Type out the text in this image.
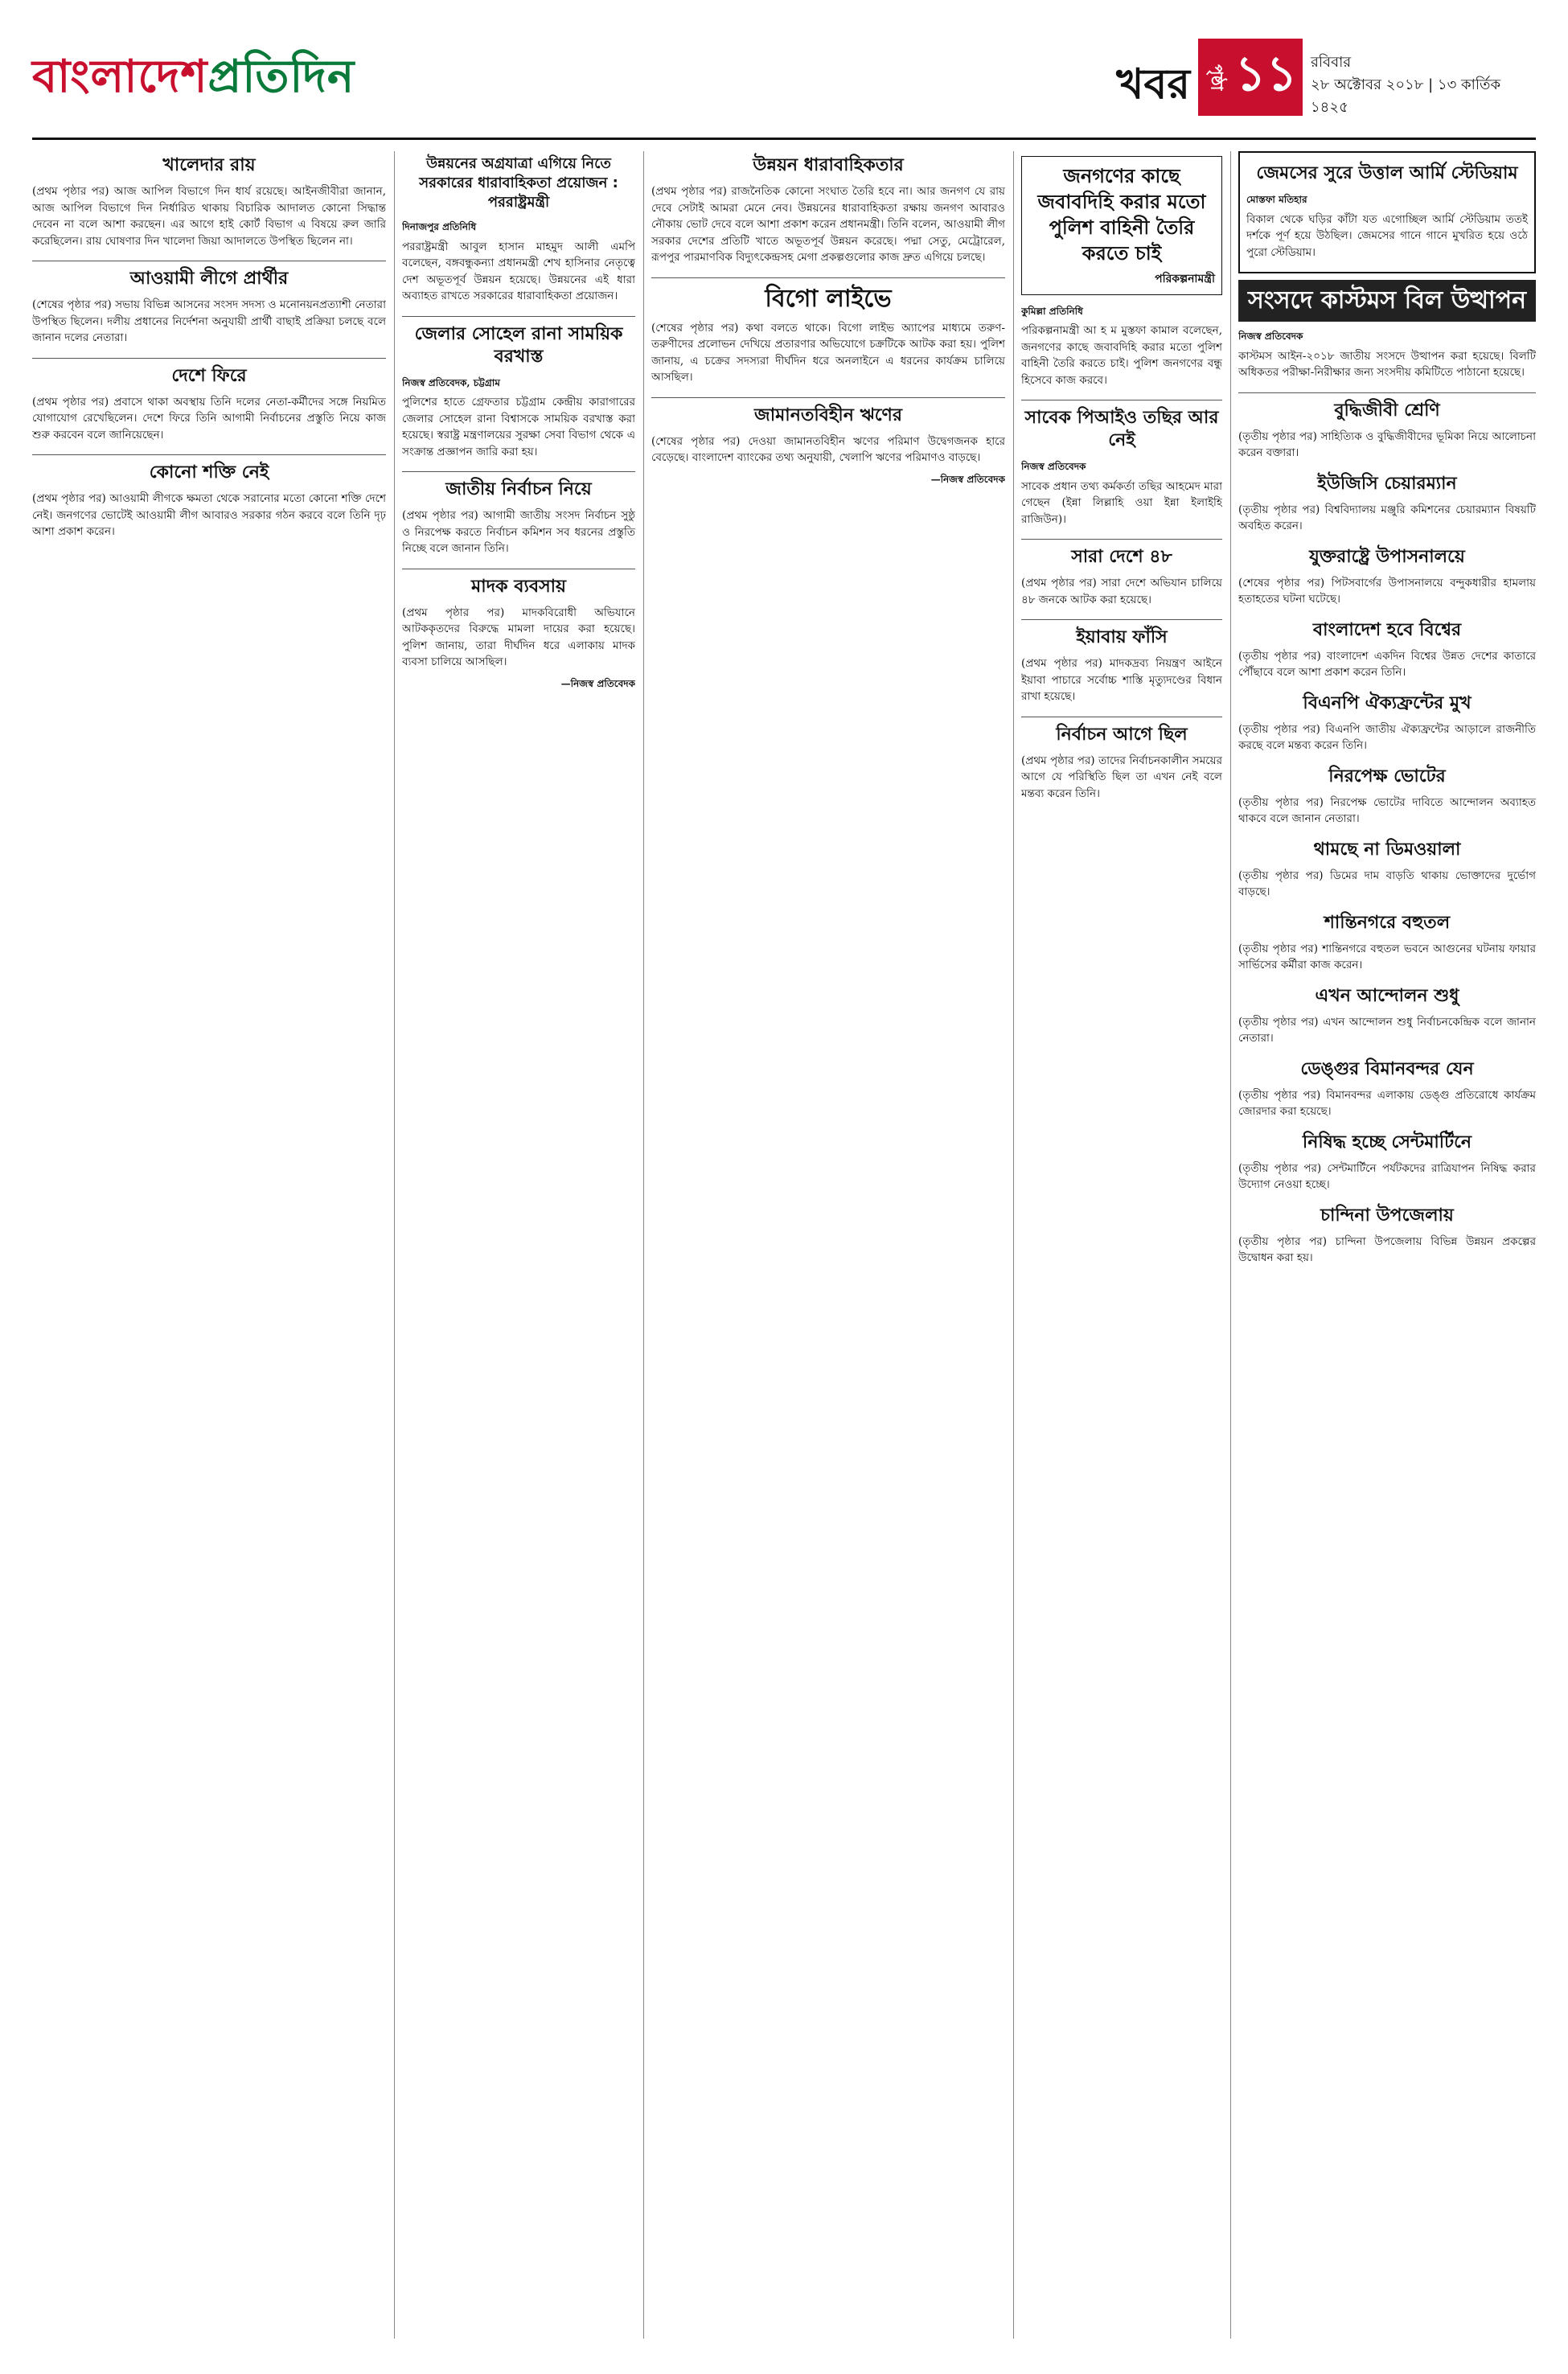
বাংলাদেশপ্রতিদিন	খবর পৃষ্ঠা ১১ রবিবার
২৮ অক্টোবর ২০১৮ | ১৩ কার্তিক ১৪২৫
খালেদার রায়

(প্রথম পৃষ্ঠার পর) আজ আপিল বিভাগে দিন ধার্য রয়েছে। আইনজীবীরা জানান, আজ আপিল বিভাগে দিন নির্ধারিত থাকায় বিচারিক আদালত কোনো সিদ্ধান্ত দেবেন না বলে আশা করছেন। এর আগে হাই কোর্ট বিভাগ এ বিষয়ে রুল জারি করেছিলেন। রায় ঘোষণার দিন খালেদা জিয়া আদালতে উপস্থিত ছিলেন না।

আওয়ামী লীগে প্রার্থীর

(শেষের পৃষ্ঠার পর) সভায় বিভিন্ন আসনের সংসদ সদস্য ও মনোনয়নপ্রত্যাশী নেতারা উপস্থিত ছিলেন। দলীয় প্রধানের নির্দেশনা অনুযায়ী প্রার্থী বাছাই প্রক্রিয়া চলছে বলে জানান দলের নেতারা।

দেশে ফিরে

(প্রথম পৃষ্ঠার পর) প্রবাসে থাকা অবস্থায় তিনি দলের নেতা-কর্মীদের সঙ্গে নিয়মিত যোগাযোগ রেখেছিলেন। দেশে ফিরে তিনি আগামী নির্বাচনের প্রস্তুতি নিয়ে কাজ শুরু করবেন বলে জানিয়েছেন।

কোনো শক্তি নেই

(প্রথম পৃষ্ঠার পর) আওয়ামী লীগকে ক্ষমতা থেকে সরানোর মতো কোনো শক্তি দেশে নেই। জনগণের ভোটেই আওয়ামী লীগ আবারও সরকার গঠন করবে বলে তিনি দৃঢ় আশা প্রকাশ করেন।

উন্নয়নের অগ্রযাত্রা এগিয়ে নিতে সরকারের ধারাবাহিকতা প্রয়োজন : পররাষ্ট্রমন্ত্রী
দিনাজপুর প্রতিনিধি

পররাষ্ট্রমন্ত্রী আবুল হাসান মাহমুদ আলী এমপি বলেছেন, বঙ্গবন্ধুকন্যা প্রধানমন্ত্রী শেখ হাসিনার নেতৃত্বে দেশ অভূতপূর্ব উন্নয়ন হয়েছে। উন্নয়নের এই ধারা অব্যাহত রাখতে সরকারের ধারাবাহিকতা প্রয়োজন।

জেলার সোহেল রানা সাময়িক বরখাস্ত
নিজস্ব প্রতিবেদক, চট্টগ্রাম

পুলিশের হাতে গ্রেফতার চট্টগ্রাম কেন্দ্রীয় কারাগারের জেলার সোহেল রানা বিশ্বাসকে সাময়িক বরখাস্ত করা হয়েছে। স্বরাষ্ট্র মন্ত্রণালয়ের সুরক্ষা সেবা বিভাগ থেকে এ সংক্রান্ত প্রজ্ঞাপন জারি করা হয়।

জাতীয় নির্বাচন নিয়ে

(প্রথম পৃষ্ঠার পর) আগামী জাতীয় সংসদ নির্বাচন সুষ্ঠু ও নিরপেক্ষ করতে নির্বাচন কমিশন সব ধরনের প্রস্তুতি নিচ্ছে বলে জানান তিনি।

মাদক ব্যবসায়

(প্রথম পৃষ্ঠার পর) মাদকবিরোধী অভিযানে আটককৃতদের বিরুদ্ধে মামলা দায়ের করা হয়েছে। পুলিশ জানায়, তারা দীর্ঘদিন ধরে এলাকায় মাদক ব্যবসা চালিয়ে আসছিল।

—নিজস্ব প্রতিবেদক
উন্নয়ন ধারাবাহিকতার

(প্রথম পৃষ্ঠার পর) রাজনৈতিক কোনো সংঘাত তৈরি হবে না। আর জনগণ যে রায় দেবে সেটাই আমরা মেনে নেব। উন্নয়নের ধারাবাহিকতা রক্ষায় জনগণ আবারও নৌকায় ভোট দেবে বলে আশা প্রকাশ করেন প্রধানমন্ত্রী। তিনি বলেন, আওয়ামী লীগ সরকার দেশের প্রতিটি খাতে অভূতপূর্ব উন্নয়ন করেছে। পদ্মা সেতু, মেট্রোরেল, রূপপুর পারমাণবিক বিদ্যুৎকেন্দ্রসহ মেগা প্রকল্পগুলোর কাজ দ্রুত এগিয়ে চলছে।

বিগো লাইভে

(শেষের পৃষ্ঠার পর) কথা বলতে থাকে। বিগো লাইভ অ্যাপের মাধ্যমে তরুণ-তরুণীদের প্রলোভন দেখিয়ে প্রতারণার অভিযোগে চক্রটিকে আটক করা হয়। পুলিশ জানায়, এ চক্রের সদস্যরা দীর্ঘদিন ধরে অনলাইনে এ ধরনের কার্যক্রম চালিয়ে আসছিল।

জামানতবিহীন ঋণের

(শেষের পৃষ্ঠার পর) দেওয়া জামানতবিহীন ঋণের পরিমাণ উদ্বেগজনক হারে বেড়েছে। বাংলাদেশ ব্যাংকের তথ্য অনুযায়ী, খেলাপি ঋণের পরিমাণও বাড়ছে।

—নিজস্ব প্রতিবেদক
জনগণের কাছে জবাবদিহি করার মতো পুলিশ বাহিনী তৈরি করতে চাই
পরিকল্পনামন্ত্রী
কুমিল্লা প্রতিনিধি

পরিকল্পনামন্ত্রী আ হ ম মুস্তফা কামাল বলেছেন, জনগণের কাছে জবাবদিহি করার মতো পুলিশ বাহিনী তৈরি করতে চাই। পুলিশ জনগণের বন্ধু হিসেবে কাজ করবে।

সাবেক পিআইও তছির আর নেই
নিজস্ব প্রতিবেদক

সাবেক প্রধান তথ্য কর্মকর্তা তছির আহমেদ মারা গেছেন (ইন্না লিল্লাহি ওয়া ইন্না ইলাইহি রাজিউন)।

সারা দেশে ৪৮

(প্রথম পৃষ্ঠার পর) সারা দেশে অভিযান চালিয়ে ৪৮ জনকে আটক করা হয়েছে।

ইয়াবায় ফাঁসি

(প্রথম পৃষ্ঠার পর) মাদকদ্রব্য নিয়ন্ত্রণ আইনে ইয়াবা পাচারে সর্বোচ্চ শাস্তি মৃত্যুদণ্ডের বিধান রাখা হয়েছে।

নির্বাচন আগে ছিল

(প্রথম পৃষ্ঠার পর) তাদের নির্বাচনকালীন সময়ের আগে যে পরিস্থিতি ছিল তা এখন নেই বলে মন্তব্য করেন তিনি।

জেমসের সুরে উত্তাল আর্মি স্টেডিয়াম
মোস্তফা মতিহার

বিকাল থেকে ঘড়ির কাঁটা যত এগোচ্ছিল আর্মি স্টেডিয়াম ততই দর্শকে পূর্ণ হয়ে উঠছিল। জেমসের গানে গানে মুখরিত হয়ে ওঠে পুরো স্টেডিয়াম।

সংসদে কাস্টমস বিল উত্থাপন
নিজস্ব প্রতিবেদক

কাস্টমস আইন-২০১৮ জাতীয় সংসদে উত্থাপন করা হয়েছে। বিলটি অধিকতর পরীক্ষা-নিরীক্ষার জন্য সংসদীয় কমিটিতে পাঠানো হয়েছে।

বুদ্ধিজীবী শ্রেণি

(তৃতীয় পৃষ্ঠার পর) সাহিত্যিক ও বুদ্ধিজীবীদের ভূমিকা নিয়ে আলোচনা করেন বক্তারা।

ইউজিসি চেয়ারম্যান

(তৃতীয় পৃষ্ঠার পর) বিশ্ববিদ্যালয় মঞ্জুরি কমিশনের চেয়ারম্যান বিষয়টি অবহিত করেন।

যুক্তরাষ্ট্রে উপাসনালয়ে

(শেষের পৃষ্ঠার পর) পিটসবার্গের উপাসনালয়ে বন্দুকধারীর হামলায় হতাহতের ঘটনা ঘটেছে।

বাংলাদেশ হবে বিশ্বের

(তৃতীয় পৃষ্ঠার পর) বাংলাদেশ একদিন বিশ্বের উন্নত দেশের কাতারে পৌঁছাবে বলে আশা প্রকাশ করেন তিনি।

বিএনপি ঐক্যফ্রন্টের মুখ

(তৃতীয় পৃষ্ঠার পর) বিএনপি জাতীয় ঐক্যফ্রন্টের আড়ালে রাজনীতি করছে বলে মন্তব্য করেন তিনি।

নিরপেক্ষ ভোটের

(তৃতীয় পৃষ্ঠার পর) নিরপেক্ষ ভোটের দাবিতে আন্দোলন অব্যাহত থাকবে বলে জানান নেতারা।

থামছে না ডিমওয়ালা

(তৃতীয় পৃষ্ঠার পর) ডিমের দাম বাড়তি থাকায় ভোক্তাদের দুর্ভোগ বাড়ছে।

শান্তিনগরে বহুতল

(তৃতীয় পৃষ্ঠার পর) শান্তিনগরে বহুতল ভবনে আগুনের ঘটনায় ফায়ার সার্ভিসের কর্মীরা কাজ করেন।

এখন আন্দোলন শুধু

(তৃতীয় পৃষ্ঠার পর) এখন আন্দোলন শুধু নির্বাচনকেন্দ্রিক বলে জানান নেতারা।

ডেঙ্গুর বিমানবন্দর যেন

(তৃতীয় পৃষ্ঠার পর) বিমানবন্দর এলাকায় ডেঙ্গু প্রতিরোধে কার্যক্রম জোরদার করা হয়েছে।

নিষিদ্ধ হচ্ছে সেন্টমার্টিনে

(তৃতীয় পৃষ্ঠার পর) সেন্টমার্টিনে পর্যটকদের রাত্রিযাপন নিষিদ্ধ করার উদ্যোগ নেওয়া হচ্ছে।

চান্দিনা উপজেলায়

(তৃতীয় পৃষ্ঠার পর) চান্দিনা উপজেলায় বিভিন্ন উন্নয়ন প্রকল্পের উদ্বোধন করা হয়।
